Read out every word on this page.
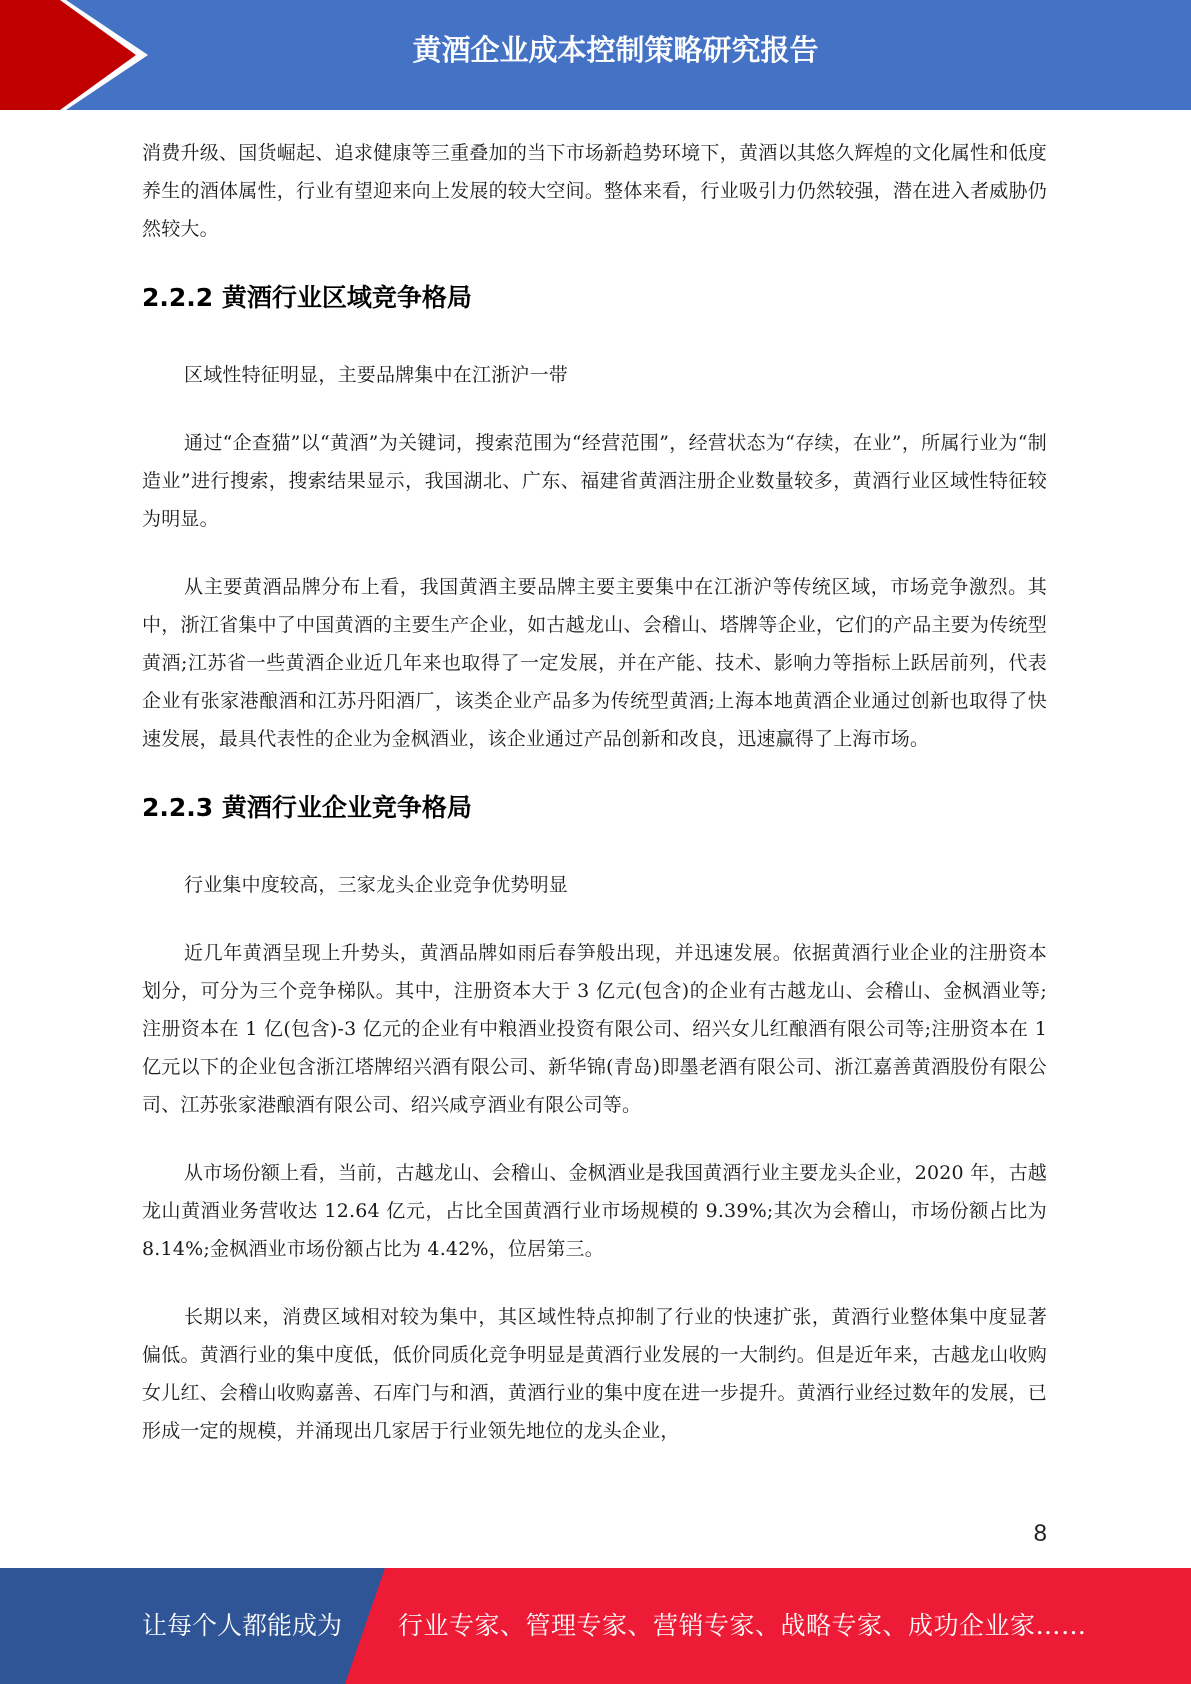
黄酒企业成本控制策略研究报告

消费升级、国货崛起、追求健康等三重叠加的当下市场新趋势环境下，黄酒以其悠久辉煌的文化属性和低度养生的酒体属性，行业有望迎来向上发展的较大空间。整体来看，行业吸引力仍然较强，潜在进入者威胁仍然较大。

2.2.2 黄酒行业区域竞争格局

区域性特征明显，主要品牌集中在江浙沪一带

通过“企查猫”以“黄酒”为关键词，搜索范围为“经营范围”，经营状态为“存续，在业”，所属行业为“制造业”进行搜索，搜索结果显示，我国湖北、广东、福建省黄酒注册企业数量较多，黄酒行业区域性特征较为明显。

从主要黄酒品牌分布上看，我国黄酒主要品牌主要主要集中在江浙沪等传统区域，市场竞争激烈。其中，浙江省集中了中国黄酒的主要生产企业，如古越龙山、会稽山、塔牌等企业，它们的产品主要为传统型黄酒;江苏省一些黄酒企业近几年来也取得了一定发展，并在产能、技术、影响力等指标上跃居前列，代表企业有张家港酿酒和江苏丹阳酒厂，该类企业产品多为传统型黄酒;上海本地黄酒企业通过创新也取得了快速发展，最具代表性的企业为金枫酒业，该企业通过产品创新和改良，迅速赢得了上海市场。

2.2.3 黄酒行业企业竞争格局

行业集中度较高，三家龙头企业竞争优势明显

近几年黄酒呈现上升势头，黄酒品牌如雨后春笋般出现，并迅速发展。依据黄酒行业企业的注册资本划分，可分为三个竞争梯队。其中，注册资本大于 3 亿元(包含)的企业有古越龙山、会稽山、金枫酒业等;注册资本在 1 亿(包含)-3 亿元的企业有中粮酒业投资有限公司、绍兴女儿红酿酒有限公司等;注册资本在 1 亿元以下的企业包含浙江塔牌绍兴酒有限公司、新华锦(青岛)即墨老酒有限公司、浙江嘉善黄酒股份有限公司、江苏张家港酿酒有限公司、绍兴咸亨酒业有限公司等。

从市场份额上看，当前，古越龙山、会稽山、金枫酒业是我国黄酒行业主要龙头企业，2020 年，古越龙山黄酒业务营收达 12.64 亿元，占比全国黄酒行业市场规模的 9.39%;其次为会稽山，市场份额占比为 8.14%;金枫酒业市场份额占比为 4.42%，位居第三。

长期以来，消费区域相对较为集中，其区域性特点抑制了行业的快速扩张，黄酒行业整体集中度显著偏低。黄酒行业的集中度低，低价同质化竞争明显是黄酒行业发展的一大制约。但是近年来，古越龙山收购女儿红、会稽山收购嘉善、石库门与和酒，黄酒行业的集中度在进一步提升。黄酒行业经过数年的发展，已形成一定的规模，并涌现出几家居于行业领先地位的龙头企业，

8
让每个人都能成为 行业专家、管理专家、营销专家、战略专家、成功企业家……
